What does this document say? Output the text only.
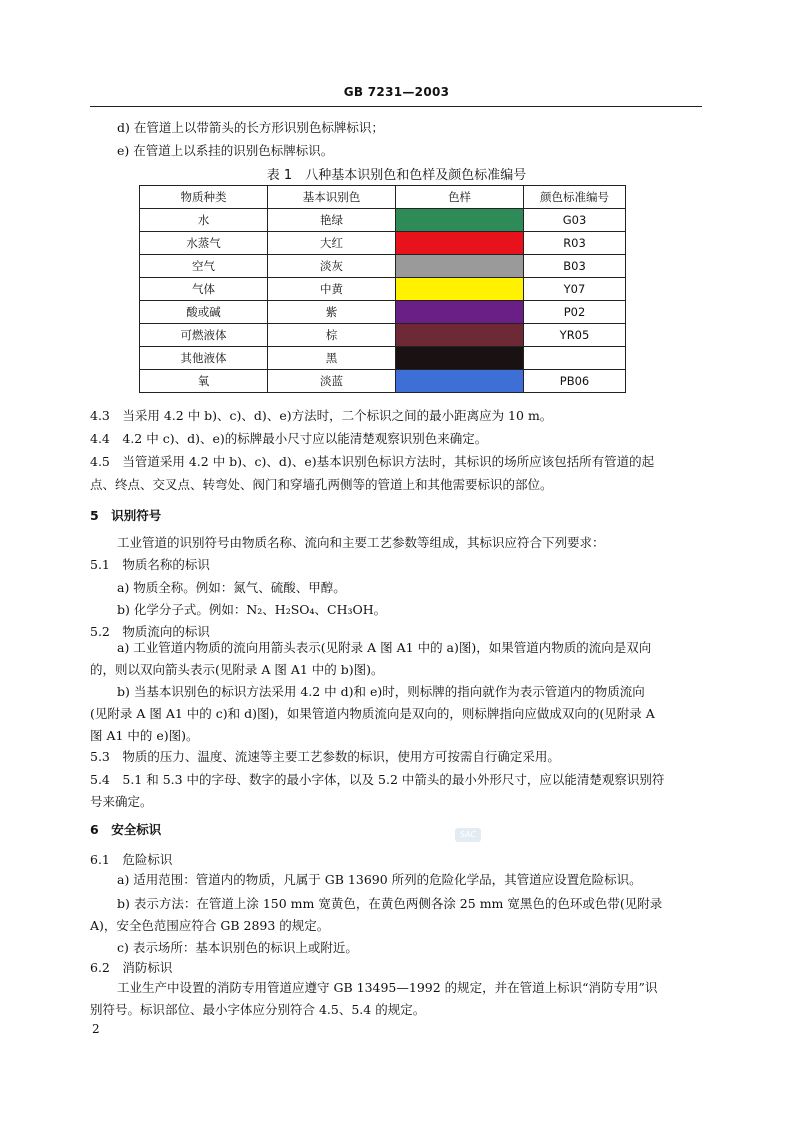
GB 7231—2003
d) 在管道上以带箭头的长方形识别色标牌标识；
e) 在管道上以系挂的识别色标牌标识。
表 1　八种基本识别色和色样及颜色标准编号
物质种类	基本识别色	色样	颜色标准编号
水	艳绿		G03
水蒸气	大红		R03
空气	淡灰		B03
气体	中黄		Y07
酸或碱	紫		P02
可燃液体	棕		YR05
其他液体	黑		
氧	淡蓝		PB06
4.3　当采用 4.2 中 b)、c)、d)、e)方法时，二个标识之间的最小距离应为 10 m。
4.4　4.2 中 c)、d)、e)的标牌最小尺寸应以能清楚观察识别色来确定。
4.5　当管道采用 4.2 中 b)、c)、d)、e)基本识别色标识方法时，其标识的场所应该包括所有管道的起
点、终点、交叉点、转弯处、阀门和穿墙孔两侧等的管道上和其他需要标识的部位。
5　识别符号
工业管道的识别符号由物质名称、流向和主要工艺参数等组成，其标识应符合下列要求：
5.1　物质名称的标识
a) 物质全称。例如：氮气、硫酸、甲醇。
b) 化学分子式。例如：N₂、H₂SO₄、CH₃OH。
5.2　物质流向的标识
a) 工业管道内物质的流向用箭头表示(见附录 A 图 A1 中的 a)图)，如果管道内物质的流向是双向
的，则以双向箭头表示(见附录 A 图 A1 中的 b)图)。
b) 当基本识别色的标识方法采用 4.2 中 d)和 e)时，则标牌的指向就作为表示管道内的物质流向
(见附录 A 图 A1 中的 c)和 d)图)，如果管道内物质流向是双向的，则标牌指向应做成双向的(见附录 A
图 A1 中的 e)图)。
5.3　物质的压力、温度、流速等主要工艺参数的标识，使用方可按需自行确定采用。
5.4　5.1 和 5.3 中的字母、数字的最小字体，以及 5.2 中箭头的最小外形尺寸，应以能清楚观察识别符
号来确定。
6　安全标识
6.1　危险标识
a) 适用范围：管道内的物质，凡属于 GB 13690 所列的危险化学品，其管道应设置危险标识。
b) 表示方法：在管道上涂 150 mm 宽黄色，在黄色两侧各涂 25 mm 宽黑色的色环或色带(见附录
A)，安全色范围应符合 GB 2893 的规定。
c) 表示场所：基本识别色的标识上或附近。
6.2　消防标识
工业生产中设置的消防专用管道应遵守 GB 13495—1992 的规定，并在管道上标识“消防专用”识
别符号。标识部位、最小字体应分别符合 4.5、5.4 的规定。
SAC
2
